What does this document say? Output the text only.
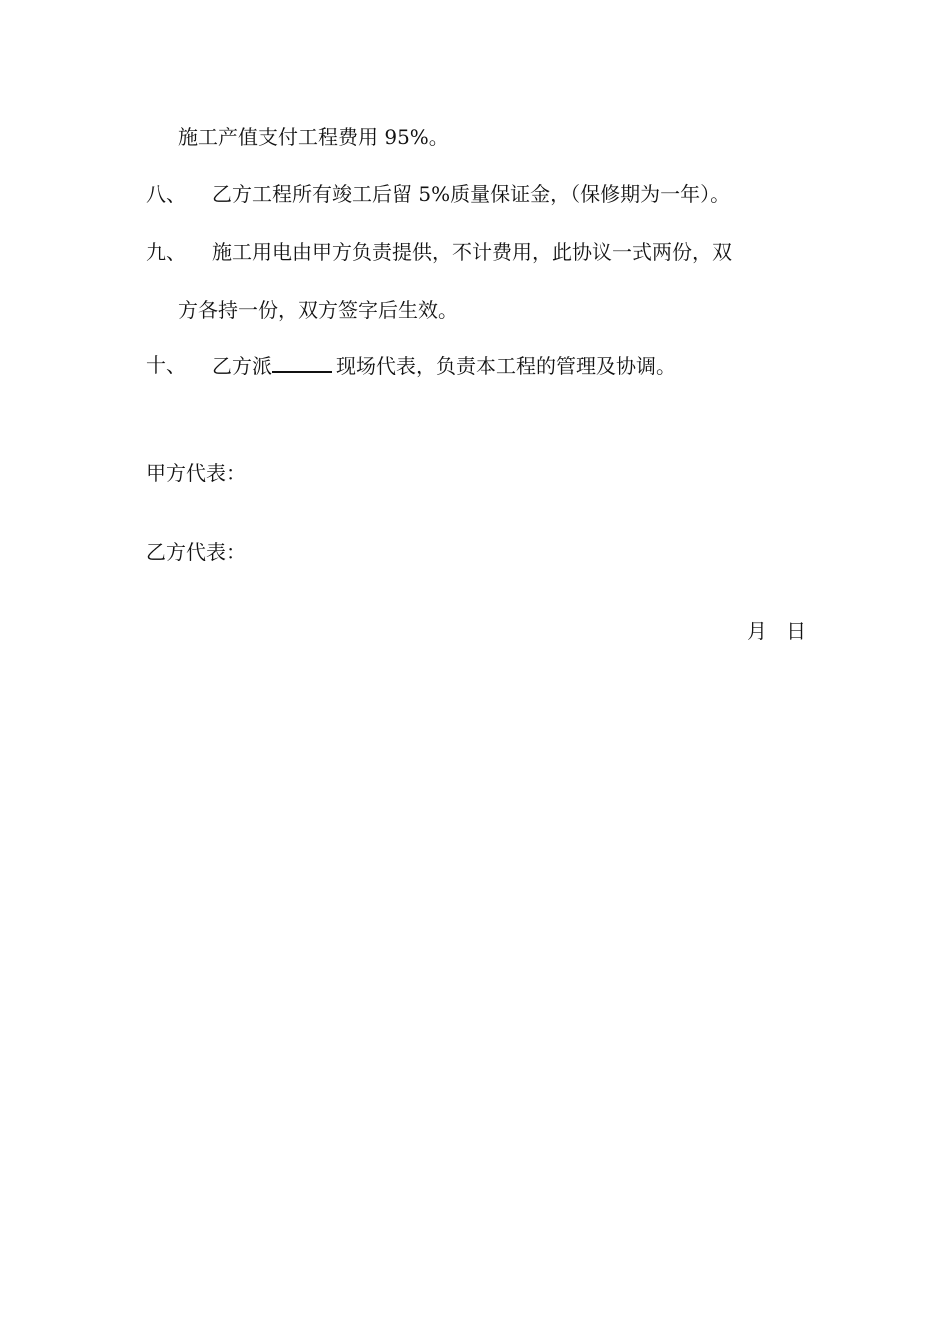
施工产值支付工程费用 95%。
八、 乙方工程所有竣工后留 5%质量保证金，（保修期为一年）。
九、 施工用电由甲方负责提供，不计费用，此协议一式两份，双
方各持一份，双方签字后生效。
十、 乙方派	现场代表，负责本工程的管理及协调。
甲方代表：
乙方代表：
月   日
